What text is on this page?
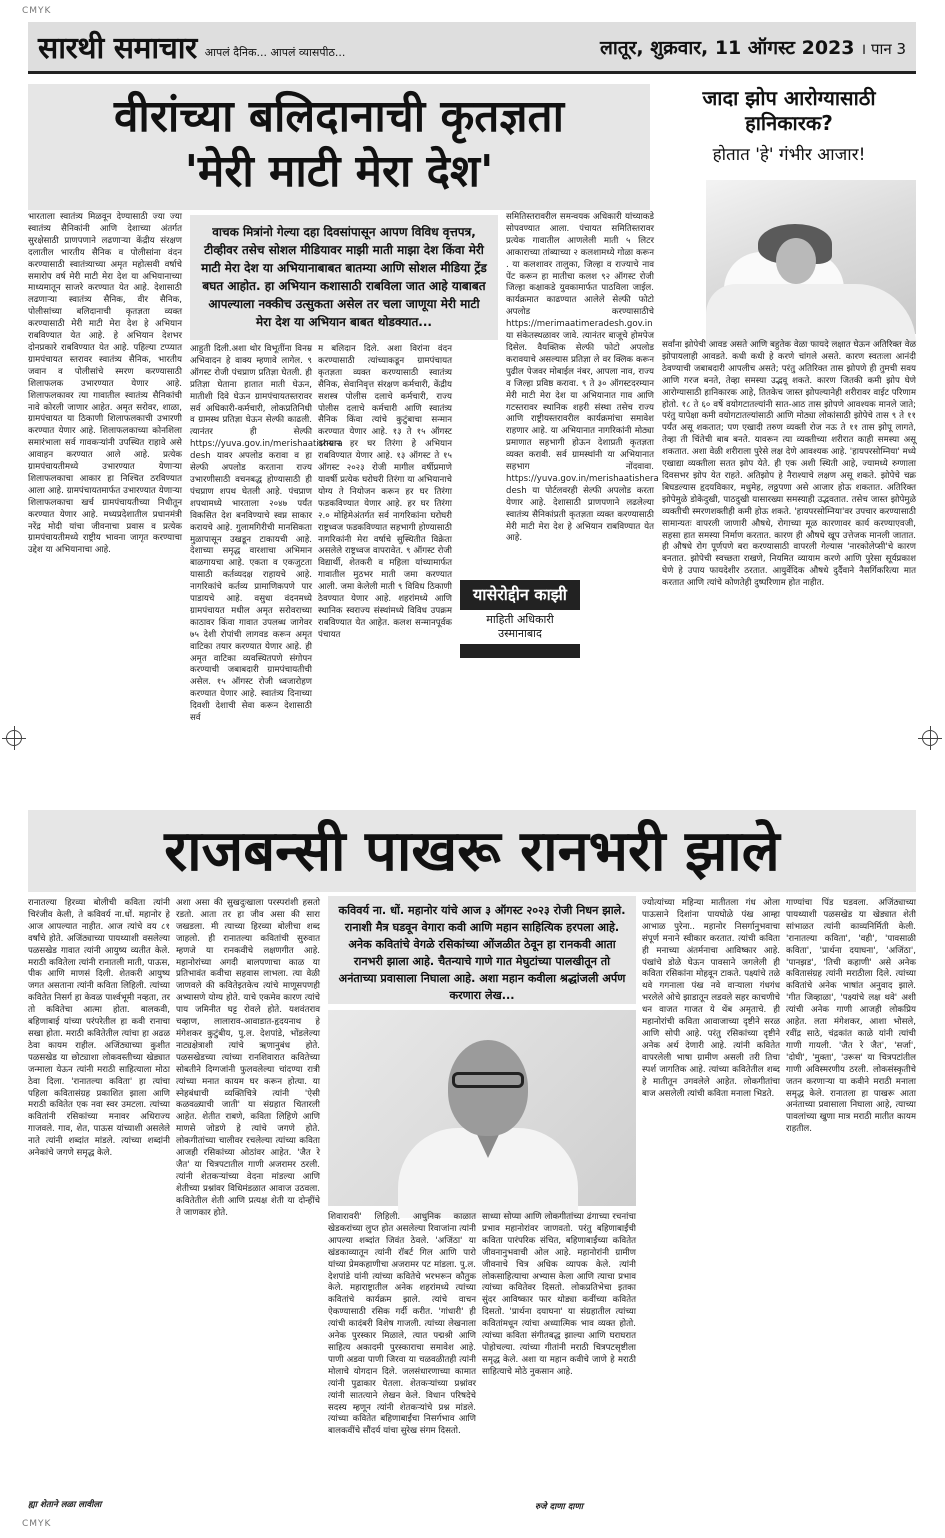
CMYK
CMYK
सारथी समाचार आपलं दैनिक... आपलं व्यासपीठ...	लातूर, शुक्रवार, 11 ऑगस्ट 2023 । पान 3
वीरांच्या बलिदानाची कृतज्ञता
'मेरी माटी मेरा देश'
जादा झोप आरोग्यासाठी
हानिकारक?
होतात 'हे' गंभीर आजार!
सर्वांना झोपेची आवड असते आणि बहुतेक वेळा फायदे लक्षात घेऊन अतिरिक्त वेळ झोपायलाही आवडते. कधी कधी हे करणे चांगले असते. कारण स्वतःला आनंदी ठेवण्याची जबाबदारी आपलीच असते; परंतु अतिरिक्त तास झोपणे ही तुमची सवय आणि गरज बनते, तेव्हा समस्या उद्भवू शकते. कारण जितकी कमी झोप घेणे आरोग्यासाठी हानिकारक आहे, तितकेच जास्त झोपल्यानेही शरीरावर वाईट परिणाम होतो. १८ ते ६० वर्षे वयोगटातल्यांनी सात-आठ तास झोपणे आवश्यक मानले जाते; परंतु यापेक्षा कमी वयोगटातल्यांसाठी आणि मोठ्या लोकांसाठी झोपेचे तास ९ ते ११ पर्यंत असू शकतात; पण एखादी तरुण व्यक्ती रोज नऊ ते ११ तास झोपू लागते, तेव्हा ती चिंतेची बाब बनते. यावरून त्या व्यक्तीच्या शरीरात काही समस्या असू शकतात. अशा वेळी शरीराला पुरेसे लक्ष देणे आवश्यक आहे. 'हायपरसोम्निया' मध्ये एखाद्या व्यक्तीला सतत झोप येते. ही एक अशी स्थिती आहे, ज्यामध्ये रुग्णाला दिवसभर झोप येत राहते. अतिझोप हे नैराश्याचे लक्षण असू शकते. झोपेचे चक्र बिघडल्यास हृदयविकार, मधुमेह, लठ्ठपणा असे आजार होऊ शकतात. अतिरिक्त झोपेमुळे डोकेदुखी, पाठदुखी यासारख्या समस्याही उद्भवतात. तसेच जास्त झोपेमुळे व्यक्तीची स्मरणशक्तीही कमी होऊ शकते. 'हायपरसोम्निया'वर उपचार करण्यासाठी सामान्यतः वापरली जाणारी औषधे, रोगाच्या मूळ कारणावर कार्य करण्याएवजी, सहसा हात समस्या निर्माण करतात. कारण ही औषधे खूप उत्तेजक मानली जातात. ही औषधे रोग पूर्णपणे बरा करण्यासाठी वापरली गेल्यास 'नारकोलेप्सी'चे कारण बनतात. झोपेची स्वच्छता राखणे, नियमित व्यायाम करणे आणि पुरेसा सूर्यप्रकाश घेणे हे उपाय फायदेशीर ठरतात. आयुर्वेदिक औषधे दुर्दैवाने नैसर्गिकरित्या मात करतात आणि त्यांचे कोणतेही दुष्परिणाम होत नाहीत.
भारताला स्वातंत्र्य मिळवून देण्यासाठी ज्या ज्या स्वातंत्र्य सैनिकांनी आणि देशाच्या अंतर्गत सुरक्षेसाठी प्राणपणाने लढणाऱ्या केंद्रीय संरक्षण दलातील भारतीय सैनिक व पोलीसांना वंदन करण्यासाठी स्वातंत्र्याच्या अमृत महोत्सवी वर्षाचे समारोप वर्ष मेरी माटी मेरा देश या अभियानाच्या माध्यमातून साजरे करण्यात येत आहे. देशासाठी लढणाऱ्या स्वातंत्र्य सैनिक, वीर सैनिक, पोलीसांच्या बलिदानाची कृतज्ञता व्यक्त करण्यासाठी मेरी माटी मेरा देश हे अभियान राबविण्यात येत आहे. हे अभियान देशभर दोनप्रकारे राबविण्यात येत आहे. पहिल्या टप्प्यात ग्रामपंचायत स्तरावर स्वातंत्र्य सैनिक, भारतीय जवान व पोलीसांचे स्मरण करण्यासाठी शिलाफलक उभारण्यात येणार आहे. शिलाफलकावर त्या गावातील स्वातंत्र्य सैनिकांची नावे कोरली जाणार आहेत. अमृत सरोवर, शाळा, ग्रामपंचायत या ठिकाणी शिलाफलकाची उभारणी करण्यात येणार आहे. शिलाफलकाच्या कोनशिला समारंभाला सर्व गावकऱ्यांनी उपस्थित राहावे असे आवाहन करण्यात आले आहे. प्रत्येक ग्रामपंचायतीमध्ये उभारण्यात येणाऱ्या शिलाफलकाचा आकार हा निश्चित ठरविण्यात आला आहे. ग्रामपंचायतमार्फत उभारण्यात येणाऱ्या शिलाफलकाचा खर्च ग्रामपंचायतीच्या निधीतून करण्यात येणार आहे. मध्यप्रदेशातील प्रधानमंत्री नरेंद्र मोदी यांचा जीवनाचा प्रवास व प्रत्येक ग्रामपंचायतीमध्ये राष्ट्रीय भावना जागृत करण्याचा उद्देश या अभियानाचा आहे.
वाचक मित्रांनो गेल्या दहा दिवसांपासून आपण विविध वृत्तपत्र, टीव्हीवर तसेच सोशल मीडियावर माझी माती माझा देश किंवा मेरी माटी मेरा देश या अभियानाबाबत बातम्या आणि सोशल मीडिया ट्रेंड बघत आहोत. हा अभियान कशासाठी राबविला जात आहे याबाबत आपल्याला नक्कीच उत्सुकता असेल तर चला जाणूया मेरी माटी मेरा देश या अभियान बाबत थोडक्यात...
आहुती दिली.अशा थोर विभूतींना विनम्र अभिवादन हे वाक्य म्हणावे लागेल. ९ ऑगस्ट रोजी पंचप्राण प्रतिज्ञा घेतली. ही प्रतिज्ञा घेताना हातात माती घेऊन, मातीशी दिवे घेऊन ग्रामपंचायतस्तरावर सर्व अधिकारी-कर्मचारी, लोकप्रतिनिधी व ग्रामस्थ प्रतिज्ञा घेऊन सेल्फी काढली. त्यानंतर ही सेल्फी https://yuva.gov.in/merishaatishera desh यावर अपलोड करावा व हा सेल्फी अपलोड करताना राज्य उभारणीसाठी वचनबद्ध होण्यासाठी ही पंचप्राण शपथ घेतली आहे. पंचप्राण शपथामध्ये भारताला २०४७ पर्यंत विकसित देश बनविण्याचे स्वप्न साकार करायचे आहे. गुलामगिरीची मानसिकता मुळापासून उखडून टाकायची आहे. देशाच्या समृद्ध वारशाचा अभिमान बाळगायचा आहे. एकता व एकजुटता यासाठी कर्तव्यदक्ष राहायचे आहे. नागरिकांचे कर्तव्य प्रामाणिकपणे पार पाडायचे आहे. वसुधा वंदनमध्ये ग्रामपंचायत मधील अमृत सरोवराच्या काठावर किंवा गावात उपलब्ध जागेवर ७५ देशी रोपांची लागवड करून अमृत वाटिका तयार करण्यात येणार आहे. ही अमृत वाटिका व्यवस्थितपणे संगोपन करण्याची जबाबदारी ग्रामपंचायतीची असेल. १५ ऑगस्ट रोजी ध्वजारोहण करण्यात येणार आहे. स्वातंत्र्य दिनाच्या दिवशी देशाची सेवा करून देशासाठी सर्व
म बलिदान दिले. अशा विरांना वंदन करण्यासाठी त्यांच्याकडून ग्रामपंचायत कृतज्ञता व्यक्त करण्यासाठी स्वातंत्र्य सैनिक, सेवानिवृत्त संरक्षण कर्मचारी, केंद्रीय सशस्त्र पोलीस दलाचे कर्मचारी, राज्य पोलीस दलाचे कर्मचारी आणि स्वातंत्र्य सैनिक किंवा त्यांचे कुटुंबाचा सन्मान करण्यात येणार आहे. १३ ते १५ ऑगस्ट दरम्यान हर घर तिरंगा हे अभियान राबविण्यात येणार आहे. १३ ऑगस्ट ते १५ ऑगस्ट २०२३ रोजी मागील वर्षीप्रमाणे यावर्षी प्रत्येक घरोघरी तिरंगा या अभियानाचे योग्य ते नियोजन करून हर घर तिरंगा फडकविण्यात येणार आहे. हर घर तिरंगा २.० मोहिमेअंतर्गत सर्व नागरिकांना घरोघरी राष्ट्रध्वज फडकविण्यात सहभागी होण्यासाठी नागरिकांनी मेरा वर्षाचे सुस्थितीत विक्रेता असलेले राष्ट्रध्वज वापरावेत. ९ ऑगस्ट रोजी विद्यार्थी, शेतकरी व महिला यांच्यामार्फत गावातील मुठभर माती जमा करण्यात आली. जमा केलेली माती ९ विविध ठिकाणी ठेवण्यात येणार आहे. शहरांमध्ये आणि स्थानिक स्वराज्य संस्थांमध्ये विविध उपक्रम राबविण्यात येत आहेत. कलश सन्मानपूर्वक पंचायत
समितिस्तरावरील समन्वयक अधिकारी यांच्याकडे सोपवण्यात आला. पंचायत समितिस्तरावर प्रत्येक गावातील आणलेली माती ५ लिटर आकाराच्या तांब्याच्या २ कलशामध्ये गोळा करून . या कलशावर तालुका, जिल्हा व राज्याचे नाव पेंट करून हा मातीचा कलश ९२ ऑगस्ट रोजी जिल्हा कक्षाकडे युवकामार्फत पाठविला जाईल. कार्यक्रमात काढण्यात आलेले सेल्फी फोटो अपलोड करण्यासाठीचे https://merimaatimeradesh.gov.in या संकेतस्थळावर जावे. त्यानंतर बाजूचे होमपेज दिसेल. वैयक्तिक सेल्फी फोटो अपलोड करावयाचे असल्यास प्रतिज्ञा ले वर क्लिक करून पुढील पेजवर मोबाईल नंबर, आपला नाव, राज्य व जिल्हा प्रविष्ठ करावा. ९ ते ३० ऑगस्टदरम्यान मेरी माटी मेरा देश या अभियानात गाव आणि गटस्तरावर स्थानिक शहरी संस्था तसेच राज्य आणि राष्ट्रीयस्तरावरील कार्यक्रमांचा समावेश राहणार आहे. या अभियानात नागरिकांनी मोठ्या प्रमाणात सहभागी होऊन देशाप्रती कृतज्ञता व्यक्त करावी. सर्व ग्रामस्थांनी या अभियानात सहभाग नोंदवावा. https://yuva.gov.in/merishaatishera desh या पोर्टलवरही सेल्फी अपलोड करता येणार आहे. देशासाठी प्राणपणाने लढलेल्या स्वातंत्र्य सैनिकांप्रती कृतज्ञता व्यक्त करण्यासाठी मेरी माटी मेरा देश हे अभियान राबविण्यात येत आहे.
यासेरोद्दीन काझी
माहिती अधिकारी
उस्मानाबाद
राजबन्सी पाखरू रानभरी झाले
रानातल्या हिरव्या बोलीची कविता त्यांनी चिरंजीव केली, ते कविवर्य ना.धों. महानोर हे आज आपल्यात नाहीत. आज त्यांचे वय ८१ वर्षांचे होते. अजिंठ्याच्या पायथ्याशी वसलेल्या पळसखेड गावात त्यांनी आयुष्य व्यतीत केले. मराठी कवितेला त्यांनी रानातली माती, पाऊस, पीक आणि माणसं दिली. शेतकरी आयुष्य जगत असताना त्यांनी कविता लिहिली. त्यांच्या कवितेत निसर्ग हा केवळ पार्श्वभूमी नव्हता, तर तो कवितेचा आत्मा होता. बालकवी, बहिणाबाई यांच्या परंपरेतील हा कवी रानाचा सखा होता. मराठी कवितेतील त्यांचा हा अढळ ठेवा कायम राहील. अजिंठ्याच्या कुशीत पळसखेड या छोट्याशा लोकवस्तीच्या खेड्यात जन्माला येऊन त्यांनी मराठी साहित्याला मोठा ठेवा दिला. 'रानातल्या कविता' हा त्यांचा पहिला कवितासंग्रह प्रकाशित झाला आणि मराठी कवितेत एक नवा स्वर उमटला. त्यांच्या कवितांनी रसिकांच्या मनावर अधिराज्य गाजवले. गाव, शेत, पाऊस यांच्याशी असलेले नाते त्यांनी शब्दांत मांडले. त्यांच्या शब्दांनी अनेकांचे जगणे समृद्ध केले.
ह्या शेताने लळा लावीला
अशा असा की सुखदुःखाला परस्परांशी हसतो रडतो. आता तर हा जीव असा की सारा जखडला. मी त्याच्या हिरव्या बोलीचा शब्द जाहलो. ही रानातल्या कवितांची सुरुवात म्हणजे या रानकवीचे लक्षणगीत आहे. महानोरांच्या अगदी बालपणाचा काळ या प्रतिभावंत कवीचा सहवास लाभला. त्या वेळी जाणवले की कवितेइतकेच त्यांचे माणूसपणही अभ्यासणे योग्य होते. याचे एकमेव कारण त्यांचे पाय जमिनीत घट्ट रोवले होते. यशवंतराव चव्हाण, लालाराव-आवाडात-हृदयनाथ हे मंगेशकर कुटुंबीय, पु.ल. देशपांडे, भोंडलेल्या नाट्यक्षेत्राशी त्यांचे ऋणानुबंध होते. पळसखेडच्या त्यांच्या रानशिवारात कवितेच्या सोबतीने दिग्गजांनी फुलवलेल्या चांदण्या रात्री त्यांच्या मनात कायम घर करून होत्या. या स्नेहबंधाची व्यक्तिचित्रे त्यांनी 'ऐसी कळवळ्याची जाती' या संग्रहात चितारली आहेत. शेतीत राबणे, कविता लिहिणे आणि माणसे जोडणे हे त्यांचे जगणे होते. लोकगीतांच्या चालीवर रचलेल्या त्यांच्या कविता आजही रसिकांच्या ओठांवर आहेत. 'जैत रे जैत' या चित्रपटातील गाणी अजरामर ठरली. त्यांनी शेतकऱ्यांच्या वेदना मांडल्या आणि शेतीच्या प्रश्नांवर विधिमंडळात आवाज उठवला. कवितेतील शेती आणि प्रत्यक्ष शेती या दोन्हींचे ते जाणकार होते.
कविवर्य ना. धों. महानोर यांचे आज ३ ऑगस्ट २०२३ रोजी निधन झाले. रानाशी मैत्र घडवून वेगारा कवी आणि महान साहित्यिक हरपला आहे. अनेक कवितांचे वेगळे रसिकांच्या ओंजळीत ठेवून हा रानकवी आता रानभरी झाला आहे. चैतन्याचे गाणे गात मेघुटांच्या पालखीतून तो अनंताच्या प्रवासाला निघाला आहे. अशा महान कवीला श्रद्धांजली अर्पण करणारा लेख...
शिवारावरी' लिहिली. आधुनिक काळात खेडकरांच्या लुप्त होत असलेल्या रिवाजांना त्यांनी आपल्या शब्दांत जिवंत ठेवले. 'अजिंठा' या खंडकाव्यातून त्यांनी रॉबर्ट गिल आणि पारो यांच्या प्रेमकहाणीचा अजरामर पट मांडला. पु.ल. देशपांडे यांनी त्यांच्या कवितेचे भरभरून कौतुक केले. महाराष्ट्रातील अनेक शहरांमध्ये त्यांच्या कवितांचे कार्यक्रम झाले. त्यांचे वाचन ऐकण्यासाठी रसिक गर्दी करीत. 'गांधारी' ही त्यांची कादंबरी विशेष गाजली. त्यांच्या लेखनाला अनेक पुरस्कार मिळाले, त्यात पद्मश्री आणि साहित्य अकादमी पुरस्काराचा समावेश आहे. पाणी अडवा पाणी जिरवा या चळवळीतही त्यांनी मोलाचे योगदान दिले. जलसंधारणाच्या कामात त्यांनी पुढाकार घेतला. शेतकऱ्यांच्या प्रश्नांवर त्यांनी सातत्याने लेखन केले. विधान परिषदेचे सदस्य म्हणून त्यांनी शेतकऱ्यांचे प्रश्न मांडले. त्यांच्या कवितेत बहिणाबाईंचा निसर्गभाव आणि बालकवींचे सौंदर्य यांचा सुरेख संगम दिसतो.
साध्या सोप्या आणि लोकगीतांच्या ढंगाच्या रचनांचा प्रभाव महानोरांवर जाणवतो. परंतु बहिणाबाईंची कविता पारंपरिक संचित, बहिणाबाईंच्या कवितेत जीवनानुभवाची ओल आहे. महानोरांनी ग्रामीण जीवनाचे चित्र अधिक व्यापक केले. त्यांनी लोकसाहित्याचा अभ्यास केला आणि त्याचा प्रभाव त्यांच्या कवितेवर दिसतो. लोकप्रतिभेचा इतका सुंदर आविष्कार फार थोड्या कवींच्या कवितेत दिसतो. 'प्रार्थना दयाघना' या संग्रहातील त्यांच्या कवितांमधून त्यांचा अध्यात्मिक भाव व्यक्त होतो. त्यांच्या कविता संगीतबद्ध झाल्या आणि घराघरात पोहोचल्या. त्यांच्या गीतांनी मराठी चित्रपटसृष्टीला समृद्ध केले. अशा या महान कवीचे जाणे हे मराठी साहित्याचे मोठे नुकसान आहे.
रुजे दाणा दाणा
ज्योत्यांच्या महिन्या मातीतला गंध ओला पाऊसाने दिशांना पायघोळे पंख आम्हा आभाळ पुरेना.. महानोर निसर्गानुभवाचा संपूर्ण मनाने स्वीकार करतात. त्यांची कविता ही मनाच्या अंतर्मनाचा आविष्कार आहे. पंखांचे डोळे घेऊन पावसाने जगलेली ही कविता रसिकांना मोहवून टाकते. पक्ष्यांचे तळे थवे गगनाला पंख नवे वाऱ्याला गंधगंध भरलेले ओचे झाडातून लडवले सहर काचणीचे धन वाजत गाजत ये थेंब अमृताचे. ही महानोरांची कविता आवाजाच्या दृष्टीने सरळ आणि सोपी आहे. परंतु रसिकांच्या दृष्टीने अनेक अर्थ देणारी आहे. त्यांनी कवितेत वापरलेली भाषा ग्रामीण असली तरी तिचा स्पर्श जागतिक आहे. त्यांच्या कवितेतील शब्द हे मातीतून उगवलेले आहेत. लोकगीतांचा बाज असलेली त्यांची कविता मनाला भिडते.
गाण्यांचा पिंड घडवला. अजिंठ्याच्या पायथ्याशी पळसखेड या खेड्यात शेती सांभाळत त्यांनी काव्यनिर्मिती केली. 'रानातल्या कविता', 'वही', 'पावसाळी कविता', 'प्रार्थना दयाघना', 'अजिंठा', 'पानझड', 'तिची कहाणी' असे अनेक कवितासंग्रह त्यांनी मराठीला दिले. त्यांच्या कवितांचे अनेक भाषांत अनुवाद झाले. 'गीत जिव्हाळा', 'पक्ष्यांचे लक्ष थवे' अशी त्यांची अनेक गाणी आजही लोकप्रिय आहेत. लता मंगेशकर, आशा भोसले, रवींद्र साठे, चंद्रकांत काळे यांनी त्यांची गाणी गायली. 'जैत रे जैत', 'सर्जा', 'दोघी', 'मुक्ता', 'उरूस' या चित्रपटांतील गाणी अविस्मरणीय ठरली. लोकसंस्कृतीचे जतन करणाऱ्या या कवीने मराठी मनाला समृद्ध केले. रानातला हा पाखरू आता अनंताच्या प्रवासाला निघाला आहे, त्याच्या पावलांच्या खुणा मात्र मराठी मातीत कायम राहतील.
